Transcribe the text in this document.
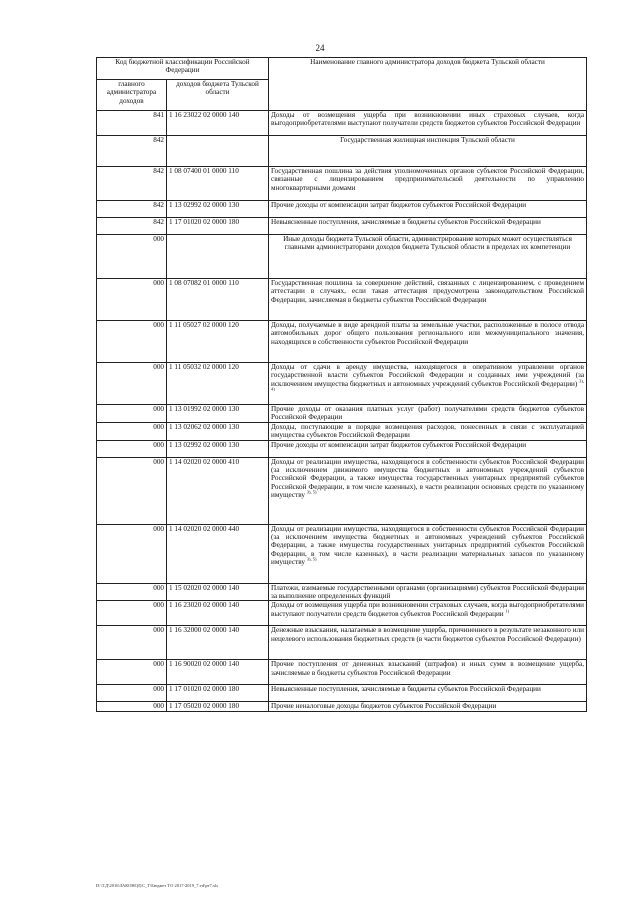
24
Код бюджетной классификации Российской Федерации		Наименование главного администратора доходов бюджета Тульской области
главного администратора доходов	доходов бюджета Тульской области	
841	1 16 23022 02 0000 140	Доходы от возмещения ущерба при возникновении иных страховых случаев, когда выгодоприобретателями выступают получатели средств бюджетов субъектов Российской Федерации
842		Государственная жилищная инспекция Тульской области
842	1 08 07400 01 0000 110	Государственная пошлина за действия уполномоченных органов субъектов Российской Федерации, связанные с лицензированием предпринимательской деятельности по управлению многоквартирными домами
842	1 13 02992 02 0000 130	Прочие доходы от компенсации затрат бюджетов субъектов Российской Федерации
842	1 17 01020 02 0000 180	Невыясненные поступления, зачисляемые в бюджеты субъектов Российской Федерации
000		Иные доходы бюджета Тульской области, администрирование которых может осуществляться главными администраторами доходов бюджета Тульской области в пределах их компетенции
000	1 08 07082 01 0000 110	Государственная пошлина за совершение действий, связанных с лицензированием, с проведением аттестации в случаях, если такая аттестация предусмотрена законодательством Российской Федерации, зачисляемая в бюджеты субъектов Российской Федерации
000	1 11 05027 02 0000 120	Доходы, получаемые в виде арендной платы за земельные участки, расположенные в полосе отвода автомобильных дорог общего пользования регионального или межмуниципального значения, находящихся в собственности субъектов Российской Федерации
000	1 11 05032 02 0000 120	Доходы от сдачи в аренду имущества, находящегося в оперативном управлении органов государственной власти субъектов Российской Федерации и созданных ими учреждений (за исключением имущества бюджетных и автономных учреждений субъектов Российской Федерации) $^{3), 4)}$
000	1 13 01992 02 0000 130	Прочие доходы от оказания платных услуг (работ) получателями средств бюджетов субъектов Российской Федерации
000	1 13 02062 02 0000 130	Доходы, поступающие в порядке возмещения расходов, понесенных в связи с эксплуатацией имущества субъектов Российской Федерации
000	1 13 02992 02 0000 130	Прочие доходы от компенсации затрат бюджетов субъектов Российской Федерации
000	1 14 02020 02 0000 410	Доходы от реализации имущества, находящегося в собственности субъектов Российской Федерации (за исключением движимого имущества бюджетных и автономных учреждений субъектов Российской Федерации, а также имущества государственных унитарных предприятий субъектов Российской Федерации, в том числе казенных), в части реализации основных средств по указанному имуществу $^{3), 5)}$
000	1 14 02020 02 0000 440	Доходы от реализации имущества, находящегося в собственности субъектов Российской Федерации (за исключением имущества бюджетных и автономных учреждений субъектов Российской Федерации, а также имущества государственных унитарных предприятий субъектов Российской Федерации, в том числе казенных), в части реализации материальных запасов по указанному имуществу $^{3), 5)}$
000	1 15 02020 02 0000 140	Платежи, взимаемые государственными органами (организациями) субъектов Российской Федерации за выполнение определенных функций
000	1 16 23020 02 0000 140	Доходы от возмещения ущерба при возникновении страховых случаев, когда выгодоприобретателями выступают получатели средств бюджетов субъектов Российской Федерации $^{1)}$
000	1 16 32000 02 0000 140	Денежные взыскания, налагаемые в возмещение ущерба, причиненного в результате незаконного или нецелевого использования бюджетных средств (в части бюджетов субъектов Российской Федерации)
000	1 16 90020 02 0000 140	Прочие поступления от денежных взысканий (штрафов) и иных сумм в возмещение ущерба, зачисляемые в бюджеты субъектов Российской Федерации
000	1 17 01020 02 0000 180	Невыясненные поступления, зачисляемые в бюджеты субъектов Российской Федерации
000	1 17 05020 02 0000 180	Прочие неналоговые доходы бюджетов субъектов Российской Федерации
D:\Т.Д\2016\ЗАКОНОД\С_Т\Бюджет ТО 2017-2019_7.vd\рт7.xls
